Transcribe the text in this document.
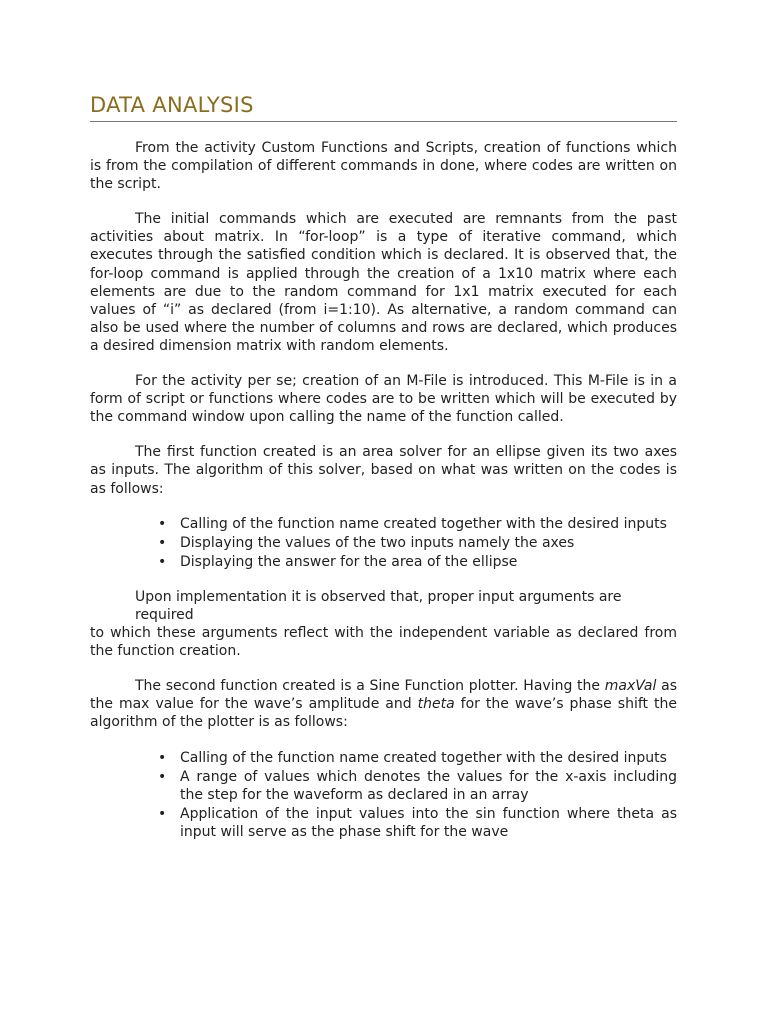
DATA ANALYSIS

From the activity Custom Functions and Scripts, creation of functions which is from the compilation of different commands in done, where codes are written on the script.

The initial commands which are executed are remnants from the past activities about matrix. In “for-loop” is a type of iterative command, which executes through the satisfied condition which is declared. It is observed that, the for-loop command is applied through the creation of a 1x10 matrix where each elements are due to the random command for 1x1 matrix executed for each values of “i” as declared (from i=1:10). As alternative, a random command can also be used where the number of columns and rows are declared, which produces a desired dimension matrix with random elements.

For the activity per se; creation of an M-File is introduced. This M-File is in a form of script or functions where codes are to be written which will be executed by the command window upon calling the name of the function called.

The first function created is an area solver for an ellipse given its two axes as inputs. The algorithm of this solver, based on what was written on the codes is as follows:

• Calling of the function name created together with the desired inputs
• Displaying the values of the two inputs namely the axes
• Displaying the answer for the area of the ellipse
Upon implementation it is observed that, proper input arguments are
required
to which these arguments reflect with the independent variable as declared from the function creation.

The second function created is a Sine Function plotter. Having the maxVal as the max value for the wave’s amplitude and theta for the wave’s phase shift the algorithm of the plotter is as follows:

• Calling of the function name created together with the desired inputs
• A range of values which denotes the values for the x-axis including the step for the waveform as declared in an array
• Application of the input values into the sin function where theta as input will serve as the phase shift for the wave
